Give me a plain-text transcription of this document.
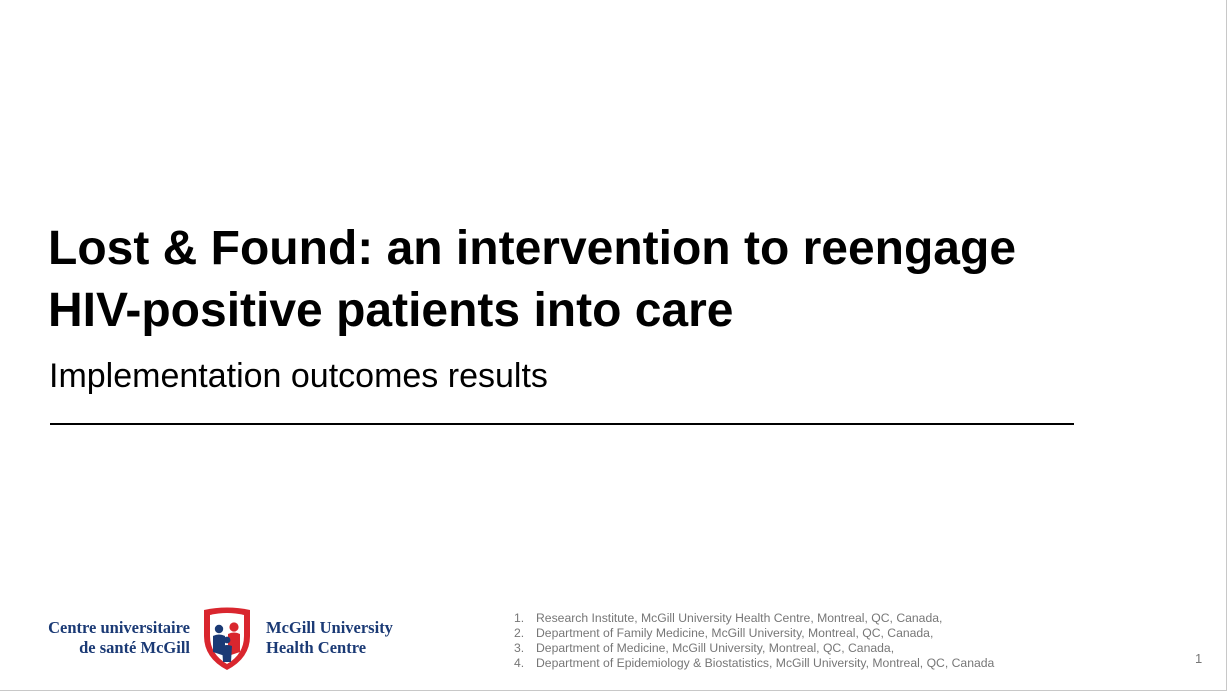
Lost & Found: an intervention to reengage
HIV-positive patients into care
Implementation outcomes results
Centre universitaire
de santé McGill
McGill University
Health Centre
1. Research Institute, McGill University Health Centre, Montreal, QC, Canada,
2. Department of Family Medicine, McGill University, Montreal, QC, Canada,
3. Department of Medicine, McGill University, Montreal, QC, Canada,
4. Department of Epidemiology & Biostatistics, McGill University, Montreal, QC, Canada	1
